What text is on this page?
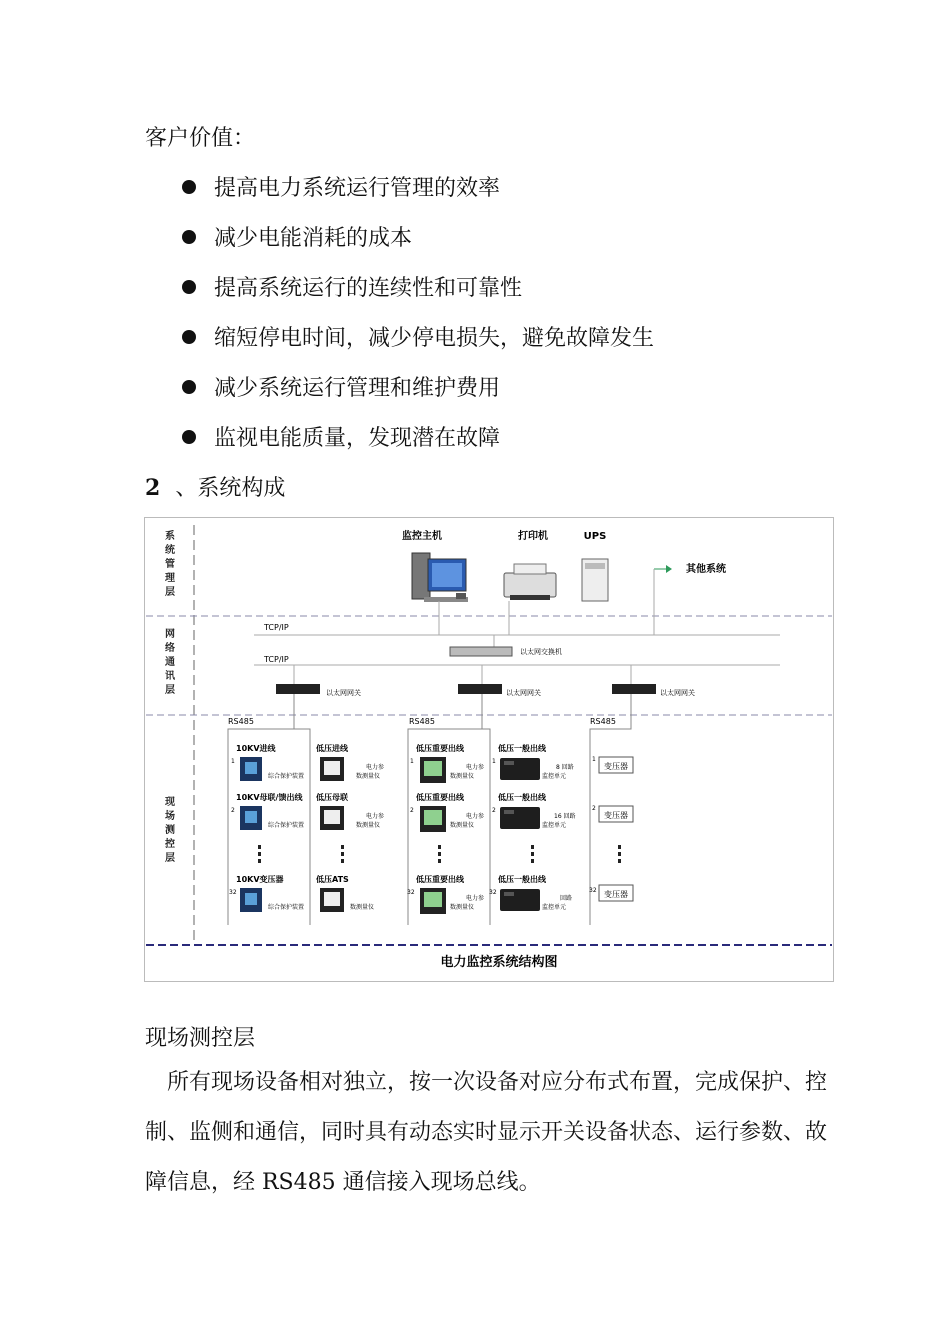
客户价值：
提高电力系统运行管理的效率
减少电能消耗的成本
提高系统运行的连续性和可靠性
缩短停电时间，减少停电损失，避免故障发生
减少系统运行管理和维护费用
监视电能质量，发现潜在故障
2 、系统构成
系统管理层
网络通讯层
现场测控层
监控主机	打印机	UPS
其他系统
TCP/IP
TCP/IP
以太网交换机
以太网网关	以太网网关	以太网网关
RS485	RS485	RS485
10KV进线
10KV母联/馈出线
10KV变压器
1
2
32
综合保护装置
综合保护装置
综合保护装置
低压进线
低压母联
低压ATS
电力参
数测量仪
电力参
数测量仪
数测量仪
低压重要出线
低压重要出线
低压重要出线
1
2
32
电力参
数测量仪
电力参
数测量仪
电力参
数测量仪
低压一般出线
低压一般出线
低压一般出线
1
2
32
8 回路
监控单元
16 回路
监控单元
回路
监控单元
1
2
32
变压器
变压器
变压器
电力监控系统结构图
现场测控层
所有现场设备相对独立，按一次设备对应分布式布置，完成保护、控制、监侧和通信，同时具有动态实时显示开关设备状态、运行参数、故障信息，经 RS485 通信接入现场总线。
